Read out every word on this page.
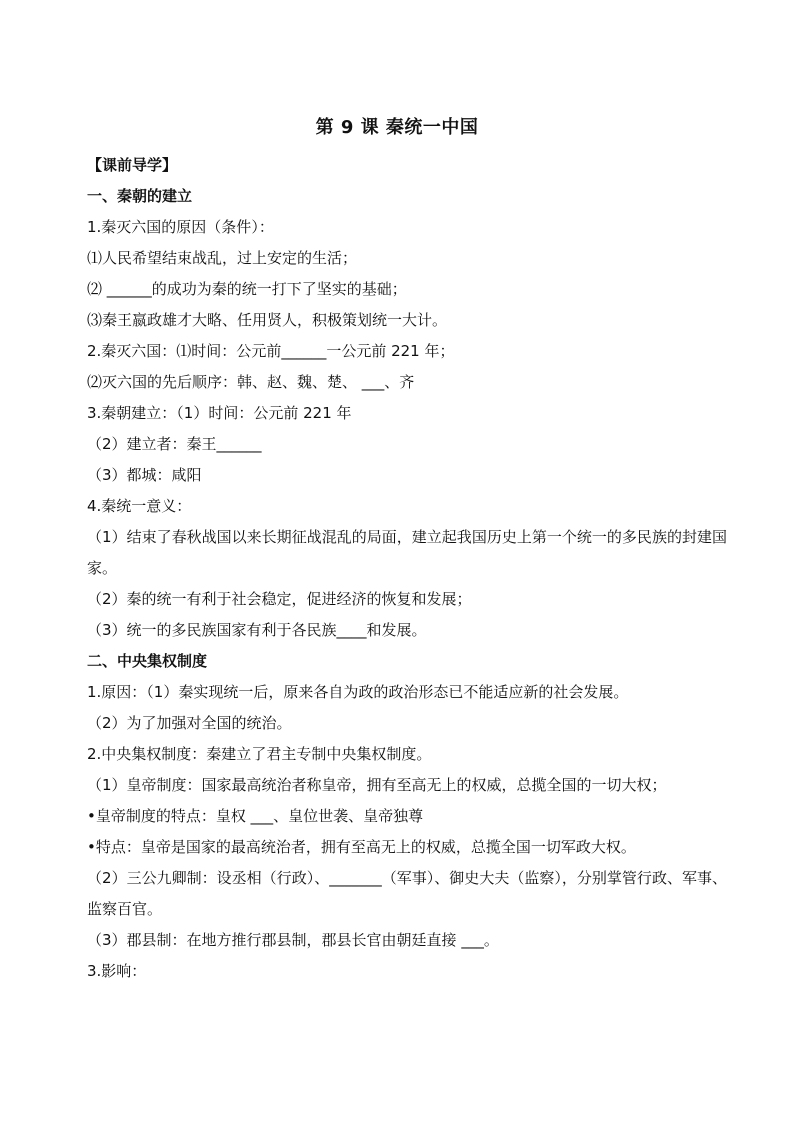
第 9 课 秦统一中国
【课前导学】
一、秦朝的建立
1.秦灭六国的原因（条件）：
⑴人民希望结束战乱，过上安定的生活；
⑵ ______的成功为秦的统一打下了坚实的基础；
⑶秦王嬴政雄才大略、任用贤人，积极策划统一大计。
2.秦灭六国：⑴时间：公元前______一公元前 221 年；
⑵灭六国的先后顺序：韩、赵、魏、楚、 ___、齐
3.秦朝建立：（1）时间：公元前 221 年
（2）建立者：秦王______
（3）都城：咸阳
4.秦统一意义：
（1）结束了春秋战国以来长期征战混乱的局面，建立起我国历史上第一个统一的多民族的封建国家。
（2）秦的统一有利于社会稳定，促进经济的恢复和发展；
（3）统一的多民族国家有利于各民族____和发展。
二、中央集权制度
1.原因：（1）秦实现统一后，原来各自为政的政治形态已不能适应新的社会发展。
（2）为了加强对全国的统治。
2.中央集权制度：秦建立了君主专制中央集权制度。
（1）皇帝制度：国家最高统治者称皇帝，拥有至高无上的权威，总揽全国的一切大权；
•皇帝制度的特点：皇权 ___、皇位世袭、皇帝独尊
•特点：皇帝是国家的最高统治者，拥有至高无上的权威，总揽全国一切军政大权。
（2）三公九卿制：设丞相（行政）、_______（军事）、御史大夫（监察），分别掌管行政、军事、监察百官。
（3）郡县制：在地方推行郡县制，郡县长官由朝廷直接 ___。
3.影响：
